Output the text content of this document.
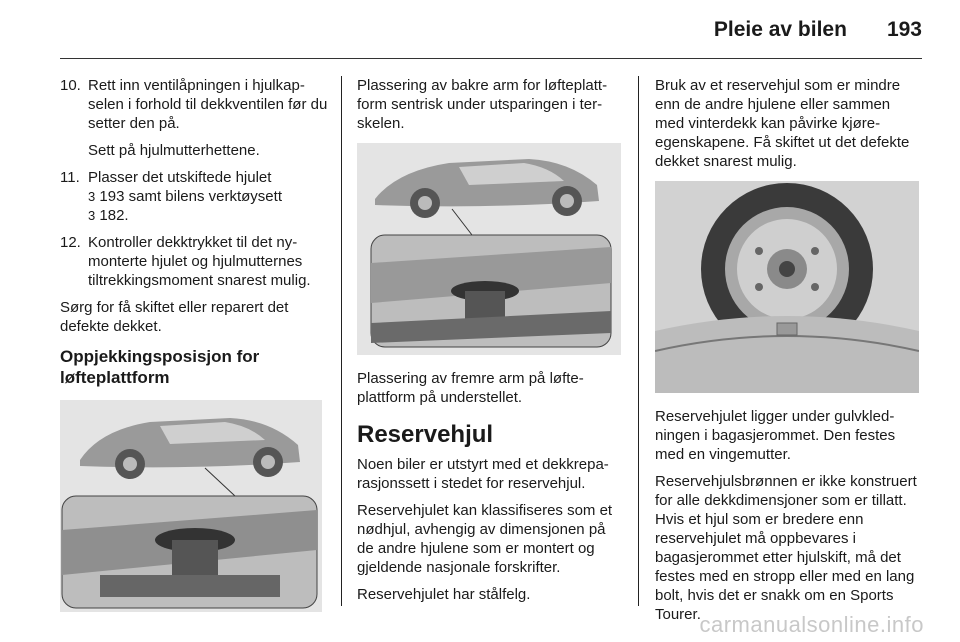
Pleie av bilen 193
10. Rett inn ventilåpningen i hjulkapselen i forhold til dekkventilen før du setter den på.

Sett på hjulmutterhettene.

11. Plasser det utskiftede hjulet
3 193 samt bilens verktøysett
3 182.
12. Kontroller dekktrykket til det nymonterte hjulet og hjulmutternes tiltrekkingsmoment snarest mulig.

Sørg for få skiftet eller reparert det defekte dekket.

Oppjekkingsposisjon for løfteplattform

Plassering av bakre arm for løfteplattform sentrisk under utsparingen i terskelen.

Plassering av fremre arm på løfteplattform på understellet.

Reservehjul

Noen biler er utstyrt med et dekkreparasjonssett i stedet for reservehjul.

Reservehjulet kan klassifiseres som et nødhjul, avhengig av dimensjonen på de andre hjulene som er montert og gjeldende nasjonale forskrifter.

Reservehjulet har stålfelg.

Bruk av et reservehjul som er mindre enn de andre hjulene eller sammen med vinterdekk kan påvirke kjøreegenskapene. Få skiftet ut det defekte dekket snarest mulig.

Reservehjulet ligger under gulvkledningen i bagasjerommet. Den festes med en vingemutter.

Reservehjulsbrønnen er ikke konstruert for alle dekkdimensjoner som er tillatt. Hvis et hjul som er bredere enn reservehjulet må oppbevares i bagasjerommet etter hjulskift, må det festes med en stropp eller med en lang bolt, hvis det er snakk om en Sports Tourer.

carmanualsonline.info
